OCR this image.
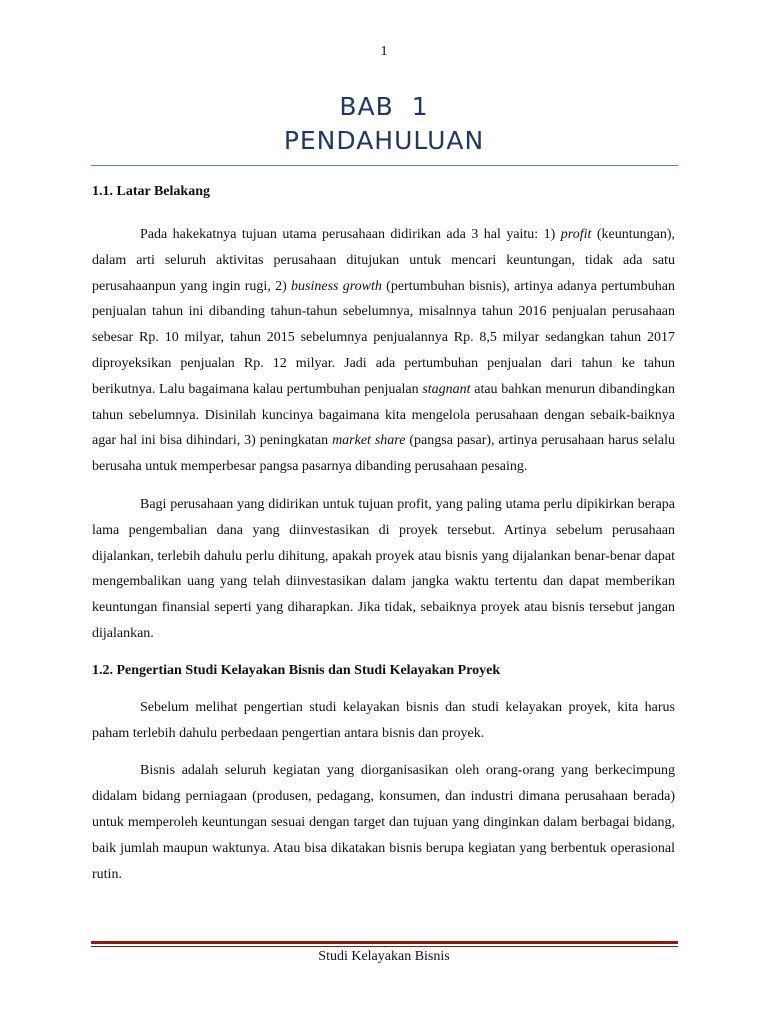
1
BAB  1
PENDAHULUAN

1.1. Latar Belakang

Pada hakekatnya tujuan utama perusahaan didirikan ada 3 hal yaitu: 1) profit (keuntungan), dalam arti seluruh aktivitas perusahaan ditujukan untuk mencari keuntungan, tidak ada satu perusahaanpun yang ingin rugi, 2) business growth (pertumbuhan bisnis), artinya adanya pertumbuhan penjualan tahun ini dibanding tahun-tahun sebelumnya, misalnnya tahun 2016 penjualan perusahaan sebesar Rp. 10 milyar, tahun 2015 sebelumnya penjualannya Rp. 8,5 milyar sedangkan tahun 2017 diproyeksikan penjualan Rp. 12 milyar. Jadi ada pertumbuhan penjualan dari tahun ke tahun berikutnya. Lalu bagaimana kalau pertumbuhan penjualan stagnant atau bahkan menurun dibandingkan tahun sebelumnya. Disinilah kuncinya bagaimana kita mengelola perusahaan dengan sebaik-baiknya agar hal ini bisa dihindari, 3) peningkatan market share (pangsa pasar), artinya perusahaan harus selalu berusaha untuk memperbesar pangsa pasarnya dibanding perusahaan pesaing.

Bagi perusahaan yang didirikan untuk tujuan profit, yang paling utama perlu dipikirkan berapa lama pengembalian dana yang diinvestasikan di proyek tersebut. Artinya sebelum perusahaan dijalankan, terlebih dahulu perlu dihitung, apakah proyek atau bisnis yang dijalankan benar-benar dapat mengembalikan uang yang telah diinvestasikan dalam jangka waktu tertentu dan dapat memberikan keuntungan finansial seperti yang diharapkan. Jika tidak, sebaiknya proyek atau bisnis tersebut jangan dijalankan.

1.2. Pengertian Studi Kelayakan Bisnis dan Studi Kelayakan Proyek

Sebelum melihat pengertian studi kelayakan bisnis dan studi kelayakan proyek, kita harus paham terlebih dahulu perbedaan pengertian antara bisnis dan proyek.

Bisnis adalah seluruh kegiatan yang diorganisasikan oleh orang-orang yang berkecimpung didalam bidang perniagaan (produsen, pedagang, konsumen, dan industri dimana perusahaan berada) untuk memperoleh keuntungan sesuai dengan target dan tujuan yang dinginkan dalam berbagai bidang, baik jumlah maupun waktunya. Atau bisa dikatakan bisnis berupa kegiatan yang berbentuk operasional rutin.

Studi Kelayakan Bisnis
